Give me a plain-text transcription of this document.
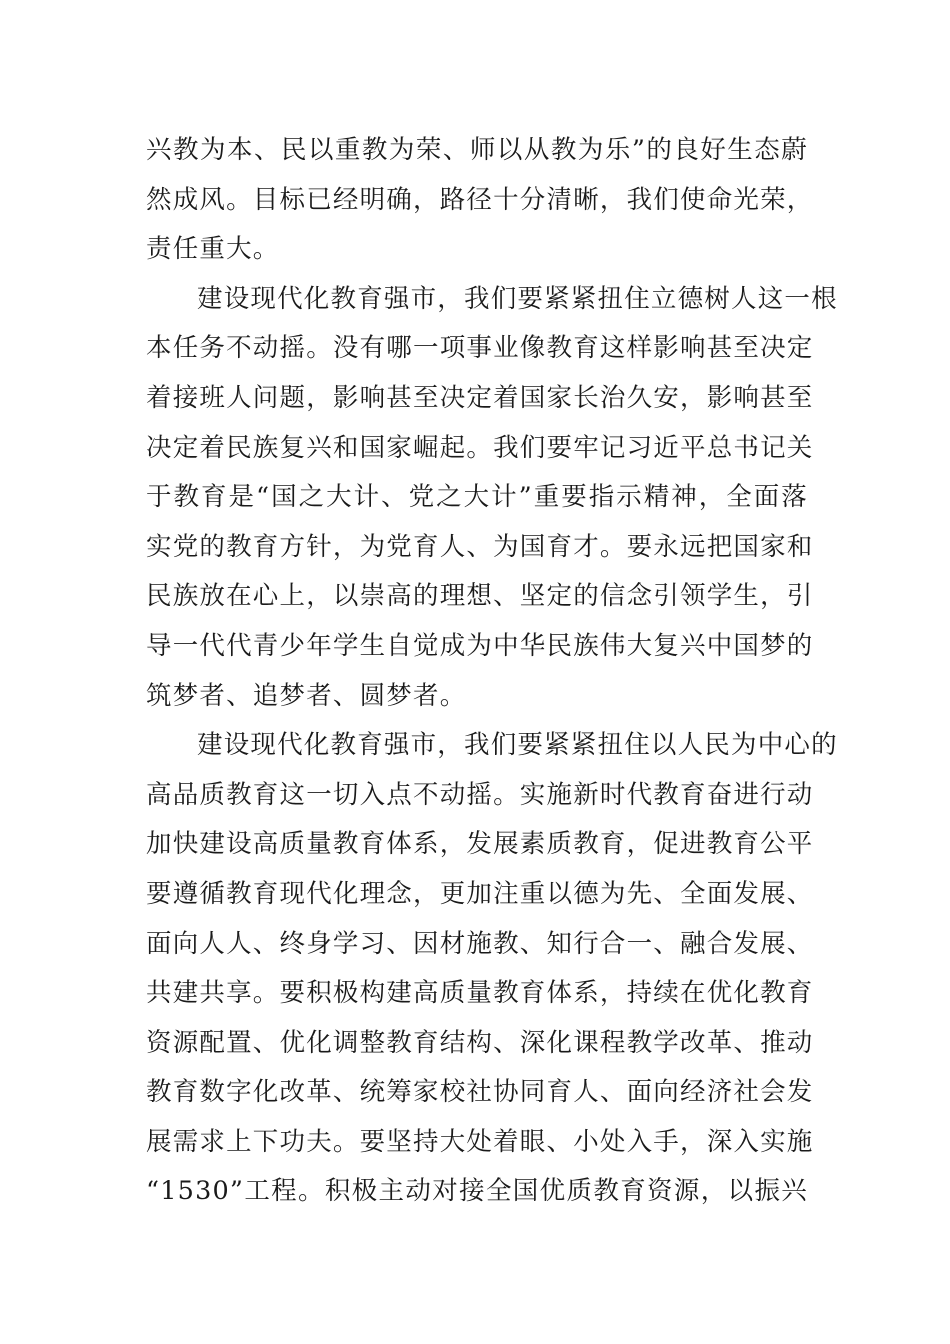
兴教为本、民以重教为荣、师以从教为乐”的良好生态蔚
然成风。目标已经明确，路径十分清晰，我们使命光荣，
责任重大。
建设现代化教育强市，我们要紧紧扭住立德树人这一根
本任务不动摇。没有哪一项事业像教育这样影响甚至决定
着接班人问题，影响甚至决定着国家长治久安，影响甚至
决定着民族复兴和国家崛起。我们要牢记习近平总书记关
于教育是“国之大计、党之大计”重要指示精神，全面落
实党的教育方针，为党育人、为国育才。要永远把国家和
民族放在心上，以崇高的理想、坚定的信念引领学生，引
导一代代青少年学生自觉成为中华民族伟大复兴中国梦的
筑梦者、追梦者、圆梦者。
建设现代化教育强市，我们要紧紧扭住以人民为中心的
高品质教育这一切入点不动摇。实施新时代教育奋进行动
加快建设高质量教育体系，发展素质教育，促进教育公平
要遵循教育现代化理念，更加注重以德为先、全面发展、
面向人人、终身学习、因材施教、知行合一、融合发展、
共建共享。要积极构建高质量教育体系，持续在优化教育
资源配置、优化调整教育结构、深化课程教学改革、推动
教育数字化改革、统筹家校社协同育人、面向经济社会发
展需求上下功夫。要坚持大处着眼、小处入手，深入实施
“1530”工程。积极主动对接全国优质教育资源，以振兴
